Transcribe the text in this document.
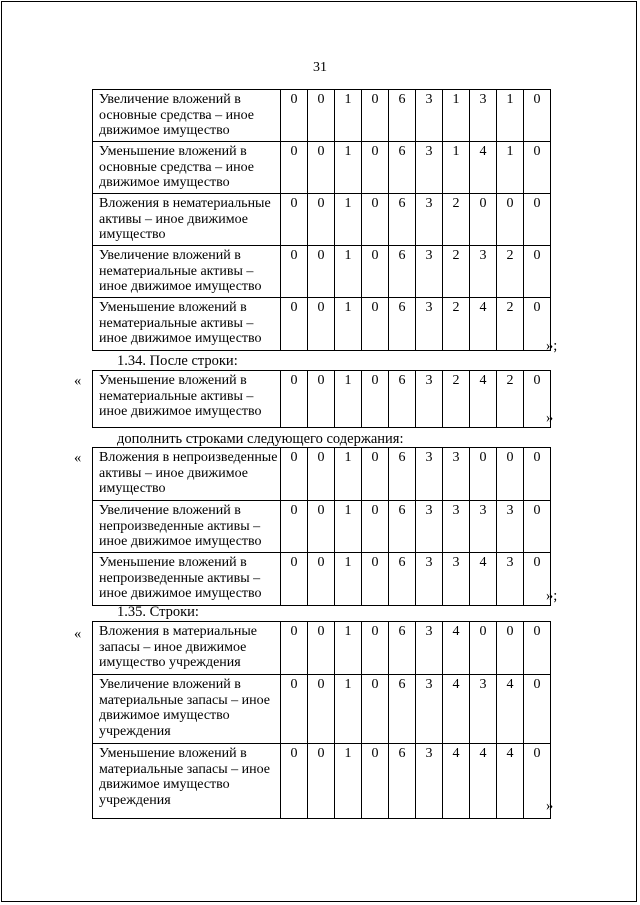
31
Увеличение вложений в основные средства – иное движимое имущество	0	0	1	0	6	3	1	3	1	0
Уменьшение вложений в основные средства – иное движимое имущество	0	0	1	0	6	3	1	4	1	0
Вложения в нематериальные активы – иное движимое имущество	0	0	1	0	6	3	2	0	0	0
Увеличение вложений в нематериальные активы – иное движимое имущество	0	0	1	0	6	3	2	3	2	0
Уменьшение вложений в нематериальные активы – иное движимое имущество	0	0	1	0	6	3	2	4	2	0
»;
1.34. После строки:
« Уменьшение вложений в нематериальные активы – иное движимое имущество	0	0	1	0	6	3	2	4	2	0
»
дополнить строками следующего содержания:
« Вложения в непроизведенные активы – иное движимое имущество	0	0	1	0	6	3	3	0	0	0
Увеличение вложений в непроизведенные активы – иное движимое имущество	0	0	1	0	6	3	3	3	3	0
Уменьшение вложений в непроизведенные активы – иное движимое имущество	0	0	1	0	6	3	3	4	3	0
»;
1.35. Строки:
« Вложения в материальные запасы – иное движимое имущество учреждения	0	0	1	0	6	3	4	0	0	0
Увеличение вложений в материальные запасы – иное движимое имущество учреждения	0	0	1	0	6	3	4	3	4	0
Уменьшение вложений в материальные запасы – иное движимое имущество учреждения	0	0	1	0	6	3	4	4	4	0
»
